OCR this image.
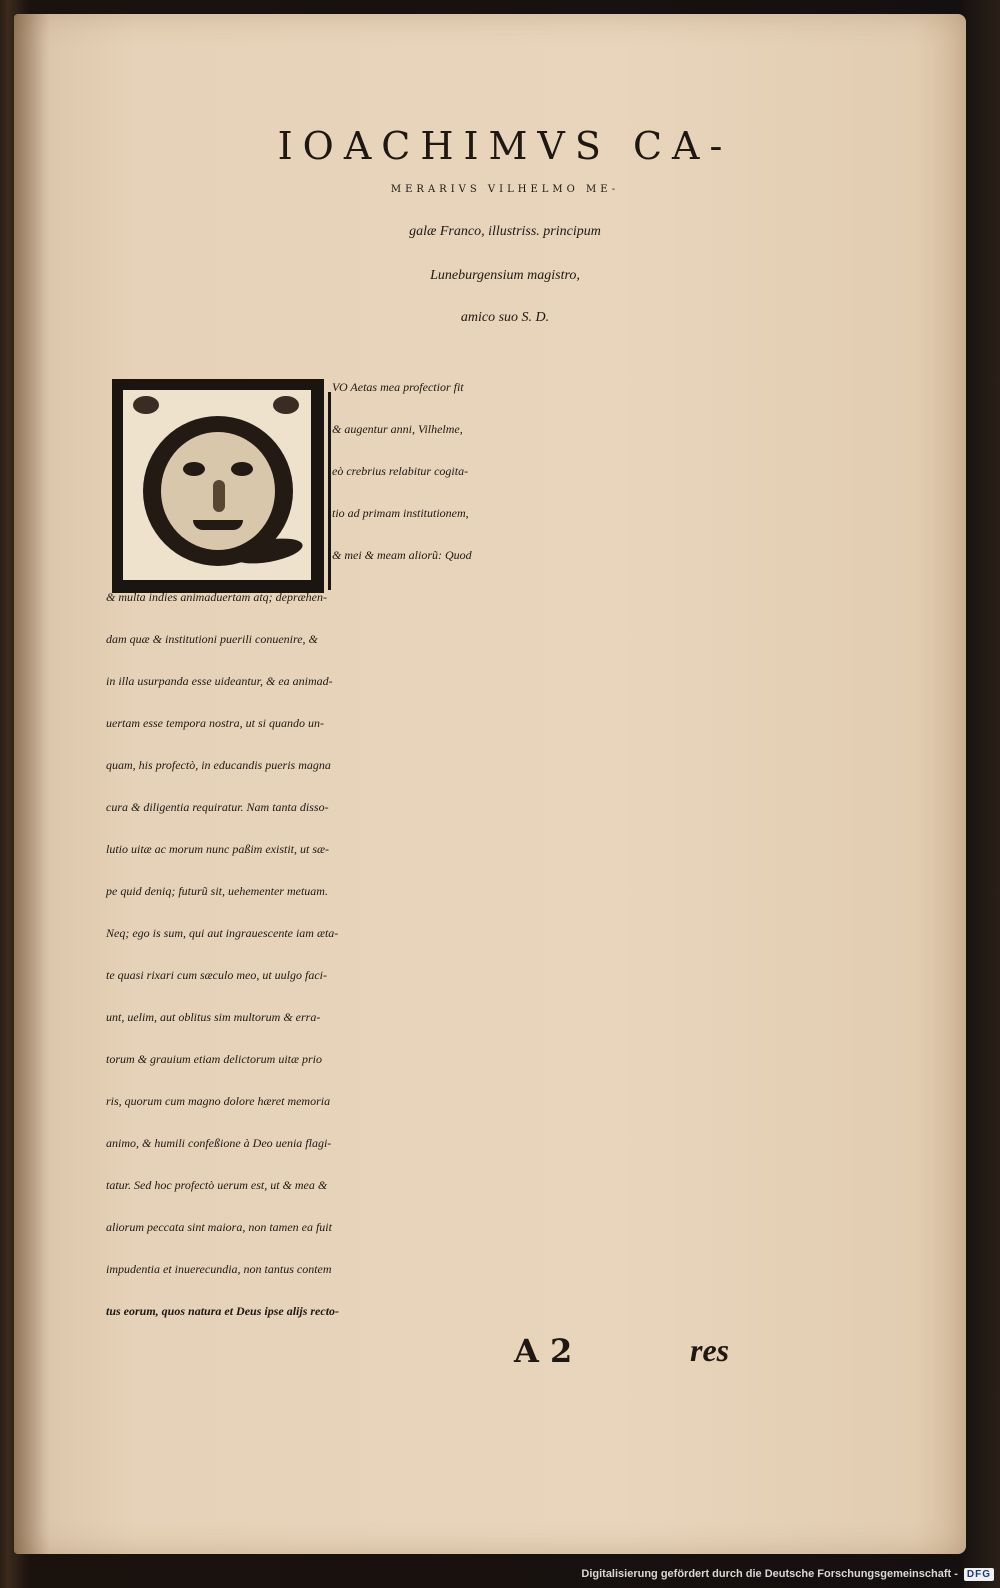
IOACHIMVS CA-
MERARIVS VILHELMO ME-
galæ Franco, illustriss. principum
Luneburgensium magistro,
amico suo S. D.
VO Aetas mea profectior fit
& augentur anni, Vilhelme,
eò crebrius relabitur cogita-
tio ad primam institutionem,
& mei & meam aliorũ: Quod
& multa indies animaduertam atq; depræhen-
dam quæ & institutioni puerili conuenire, &
in illa usurpanda esse uideantur, & ea animad-
uertam esse tempora nostra, ut si quando un-
quam, his profectò, in educandis pueris magna
cura & diligentia requiratur. Nam tanta disso-
lutio uitæ ac morum nunc paßim existit, ut sæ-
pe quid deniq; futurũ sit, uehementer metuam.
Neq; ego is sum, qui aut ingrauescente iam æta-
te quasi rixari cum sæculo meo, ut uulgo faci-
unt, uelim, aut oblitus sim multorum & erra-
torum & grauium etiam delictorum uitæ prio
ris, quorum cum magno dolore hæret memoria
animo, & humili confeßione à Deo uenia flagi-
tatur. Sed hoc profectò uerum est, ut & mea &
aliorum peccata sint maiora, non tamen ea fuit
impudentia et inuerecundia, non tantus contem
tus eorum, quos natura et Deus ipse alijs recto-
A 2	res
Digitalisierung gefördert durch die Deutsche Forschungsgemeinschaft - DFG
